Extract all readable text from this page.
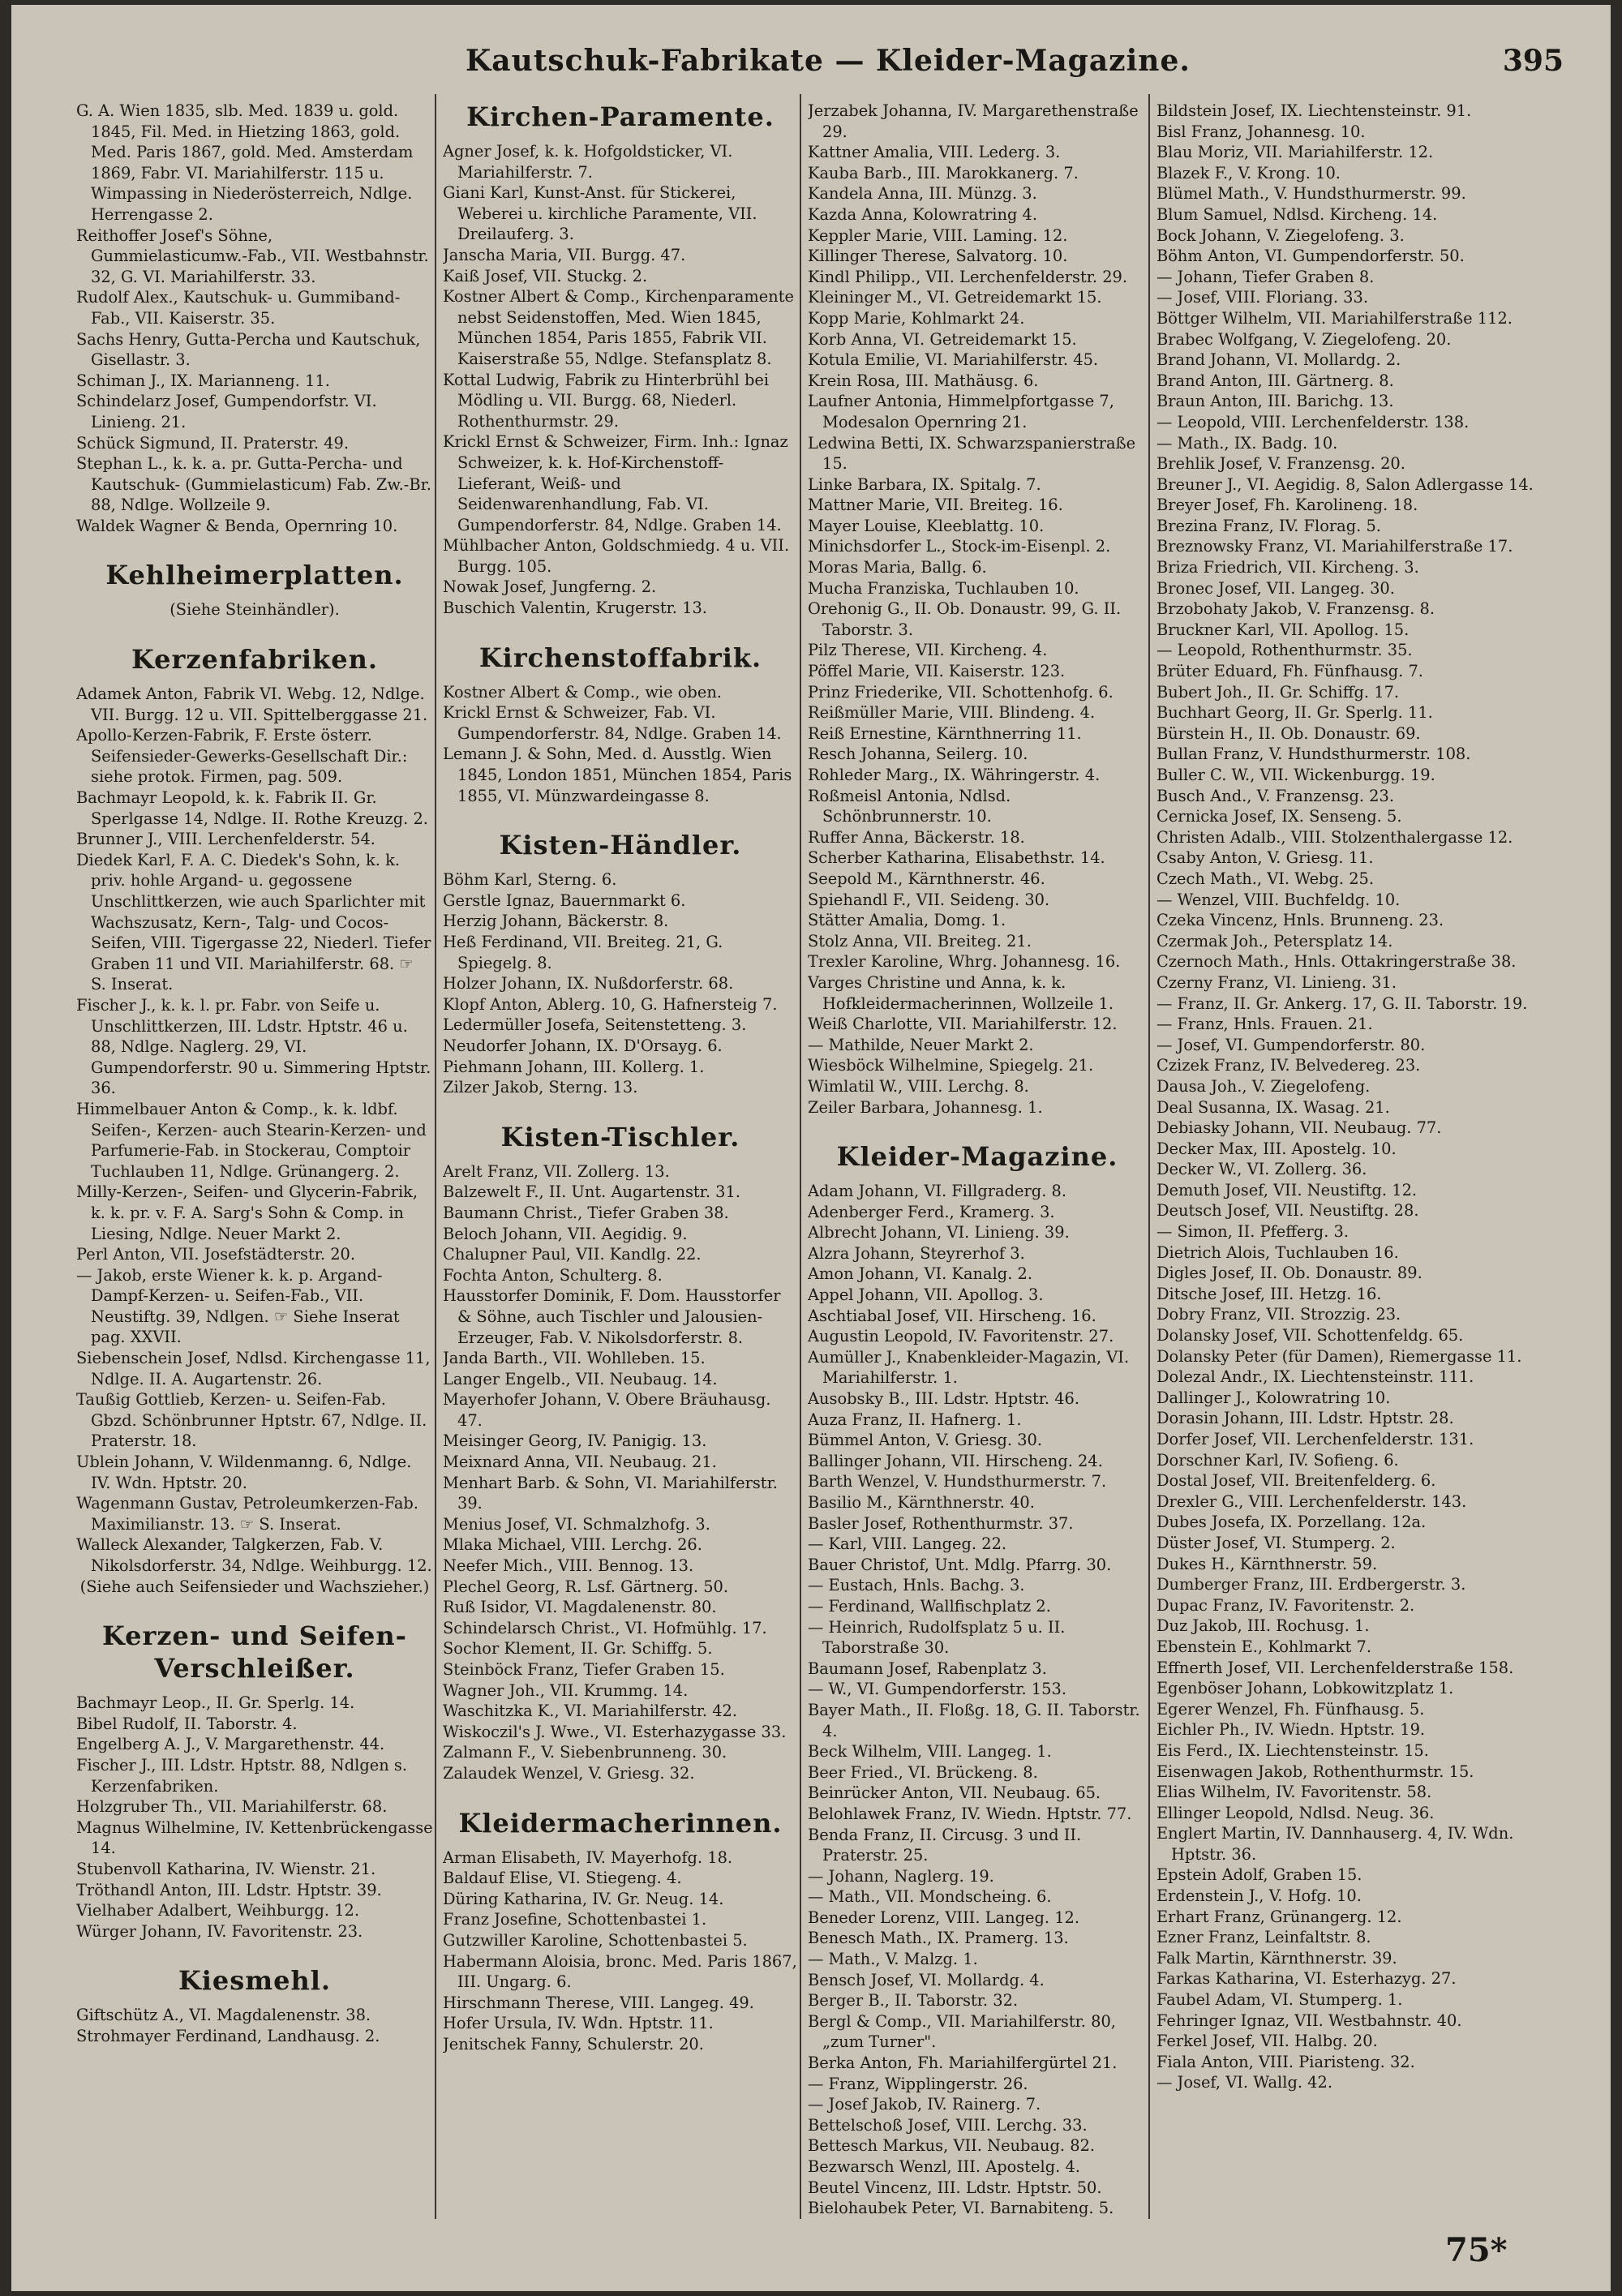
Kautschuk-Fabrikate — Kleider-Magazine.	395
G. A. Wien 1835, slb. Med. 1839 u. gold. 1845, Fil. Med. in Hietzing 1863, gold. Med. Paris 1867, gold. Med. Amsterdam 1869, Fabr. VI. Mariahilferstr. 115 u. Wimpassing in Niederösterreich, Ndlge. Herrengasse 2.
Reithoffer Josef's Söhne, Gummielasticumw.-Fab., VII. Westbahnstr. 32, G. VI. Mariahilferstr. 33.
Rudolf Alex., Kautschuk- u. Gummiband-Fab., VII. Kaiserstr. 35.
Sachs Henry, Gutta-Percha und Kautschuk, Gisellastr. 3.
Schiman J., IX. Marianneng. 11.
Schindelarz Josef, Gumpendorfstr. VI. Linieng. 21.
Schück Sigmund, II. Praterstr. 49.
Stephan L., k. k. a. pr. Gutta-Percha- und Kautschuk- (Gummielasticum) Fab. Zw.-Br. 88, Ndlge. Wollzeile 9.
Waldek Wagner & Benda, Opernring 10.
Kehlheimerplatten.
(Siehe Steinhändler).
Kerzenfabriken.
Adamek Anton, Fabrik VI. Webg. 12, Ndlge. VII. Burgg. 12 u. VII. Spittelberggasse 21.
Apollo-Kerzen-Fabrik, F. Erste österr. Seifensieder-Gewerks-Gesellschaft Dir.: siehe protok. Firmen, pag. 509.
Bachmayr Leopold, k. k. Fabrik II. Gr. Sperlgasse 14, Ndlge. II. Rothe Kreuzg. 2.
Brunner J., VIII. Lerchenfelderstr. 54.
Diedek Karl, F. A. C. Diedek's Sohn, k. k. priv. hohle Argand- u. gegossene Unschlittkerzen, wie auch Sparlichter mit Wachszusatz, Kern-, Talg- und Cocos-Seifen, VIII. Tigergasse 22, Niederl. Tiefer Graben 11 und VII. Mariahilferstr. 68. ☞ S. Inserat.
Fischer J., k. k. l. pr. Fabr. von Seife u. Unschlittkerzen, III. Ldstr. Hptstr. 46 u. 88, Ndlge. Naglerg. 29, VI. Gumpendorferstr. 90 u. Simmering Hptstr. 36.
Himmelbauer Anton & Comp., k. k. ldbf. Seifen-, Kerzen- auch Stearin-Kerzen- und Parfumerie-Fab. in Stockerau, Comptoir Tuchlauben 11, Ndlge. Grünangerg. 2.
Milly-Kerzen-, Seifen- und Glycerin-Fabrik, k. k. pr. v. F. A. Sarg's Sohn & Comp. in Liesing, Ndlge. Neuer Markt 2.
Perl Anton, VII. Josefstädterstr. 20.
— Jakob, erste Wiener k. k. p. Argand-Dampf-Kerzen- u. Seifen-Fab., VII. Neustiftg. 39, Ndlgen. ☞ Siehe Inserat pag. XXVII.
Siebenschein Josef, Ndlsd. Kirchengasse 11, Ndlge. II. A. Augartenstr. 26.
Taußig Gottlieb, Kerzen- u. Seifen-Fab. Gbzd. Schönbrunner Hptstr. 67, Ndlge. II. Praterstr. 18.
Ublein Johann, V. Wildenmanng. 6, Ndlge. IV. Wdn. Hptstr. 20.
Wagenmann Gustav, Petroleumkerzen-Fab. Maximilianstr. 13. ☞ S. Inserat.
Walleck Alexander, Talgkerzen, Fab. V. Nikolsdorferstr. 34, Ndlge. Weihburgg. 12.
(Siehe auch Seifensieder und Wachszieher.)
Kerzen- und Seifen-Verschleißer.
Bachmayr Leop., II. Gr. Sperlg. 14.
Bibel Rudolf, II. Taborstr. 4.
Engelberg A. J., V. Margarethenstr. 44.
Fischer J., III. Ldstr. Hptstr. 88, Ndlgen s. Kerzenfabriken.
Holzgruber Th., VII. Mariahilferstr. 68.
Magnus Wilhelmine, IV. Kettenbrückengasse 14.
Stubenvoll Katharina, IV. Wienstr. 21.
Tröthandl Anton, III. Ldstr. Hptstr. 39.
Vielhaber Adalbert, Weihburgg. 12.
Würger Johann, IV. Favoritenstr. 23.
Kiesmehl.
Giftschütz A., VI. Magdalenenstr. 38.
Strohmayer Ferdinand, Landhausg. 2.
Kirchen-Paramente.
Agner Josef, k. k. Hofgoldsticker, VI. Mariahilferstr. 7.
Giani Karl, Kunst-Anst. für Stickerei, Weberei u. kirchliche Paramente, VII. Dreilauferg. 3.
Janscha Maria, VII. Burgg. 47.
Kaiß Josef, VII. Stuckg. 2.
Kostner Albert & Comp., Kirchenparamente nebst Seidenstoffen, Med. Wien 1845, München 1854, Paris 1855, Fabrik VII. Kaiserstraße 55, Ndlge. Stefansplatz 8.
Kottal Ludwig, Fabrik zu Hinterbrühl bei Mödling u. VII. Burgg. 68, Niederl. Rothenthurmstr. 29.
Krickl Ernst & Schweizer, Firm. Inh.: Ignaz Schweizer, k. k. Hof-Kirchenstoff-Lieferant, Weiß- und Seidenwarenhandlung, Fab. VI. Gumpendorferstr. 84, Ndlge. Graben 14.
Mühlbacher Anton, Goldschmiedg. 4 u. VII. Burgg. 105.
Nowak Josef, Jungferng. 2.
Buschich Valentin, Krugerstr. 13.
Kirchenstoffabrik.
Kostner Albert & Comp., wie oben.
Krickl Ernst & Schweizer, Fab. VI. Gumpendorferstr. 84, Ndlge. Graben 14.
Lemann J. & Sohn, Med. d. Ausstlg. Wien 1845, London 1851, München 1854, Paris 1855, VI. Münzwardeingasse 8.
Kisten-Händler.
Böhm Karl, Sterng. 6.
Gerstle Ignaz, Bauernmarkt 6.
Herzig Johann, Bäckerstr. 8.
Heß Ferdinand, VII. Breiteg. 21, G. Spiegelg. 8.
Holzer Johann, IX. Nußdorferstr. 68.
Klopf Anton, Ablerg. 10, G. Hafnersteig 7.
Ledermüller Josefa, Seitenstetteng. 3.
Neudorfer Johann, IX. D'Orsayg. 6.
Piehmann Johann, III. Kollerg. 1.
Zilzer Jakob, Sterng. 13.
Kisten-Tischler.
Arelt Franz, VII. Zollerg. 13.
Balzewelt F., II. Unt. Augartenstr. 31.
Baumann Christ., Tiefer Graben 38.
Beloch Johann, VII. Aegidig. 9.
Chalupner Paul, VII. Kandlg. 22.
Fochta Anton, Schulterg. 8.
Hausstorfer Dominik, F. Dom. Hausstorfer & Söhne, auch Tischler und Jalousien-Erzeuger, Fab. V. Nikolsdorferstr. 8.
Janda Barth., VII. Wohlleben. 15.
Langer Engelb., VII. Neubaug. 14.
Mayerhofer Johann, V. Obere Bräuhausg. 47.
Meisinger Georg, IV. Panigig. 13.
Meixnard Anna, VII. Neubaug. 21.
Menhart Barb. & Sohn, VI. Mariahilferstr. 39.
Menius Josef, VI. Schmalzhofg. 3.
Mlaka Michael, VIII. Lerchg. 26.
Neefer Mich., VIII. Bennog. 13.
Plechel Georg, R. Lsf. Gärtnerg. 50.
Ruß Isidor, VI. Magdalenenstr. 80.
Schindelarsch Christ., VI. Hofmühlg. 17.
Sochor Klement, II. Gr. Schiffg. 5.
Steinböck Franz, Tiefer Graben 15.
Wagner Joh., VII. Krummg. 14.
Waschitzka K., VI. Mariahilferstr. 42.
Wiskoczil's J. Wwe., VI. Esterhazygasse 33.
Zalmann F., V. Siebenbrunneng. 30.
Zalaudek Wenzel, V. Griesg. 32.
Kleidermacherinnen.
Arman Elisabeth, IV. Mayerhofg. 18.
Baldauf Elise, VI. Stiegeng. 4.
Düring Katharina, IV. Gr. Neug. 14.
Franz Josefine, Schottenbastei 1.
Gutzwiller Karoline, Schottenbastei 5.
Habermann Aloisia, bronc. Med. Paris 1867, III. Ungarg. 6.
Hirschmann Therese, VIII. Langeg. 49.
Hofer Ursula, IV. Wdn. Hptstr. 11.
Jenitschek Fanny, Schulerstr. 20.
Jerzabek Johanna, IV. Margarethenstraße 29.
Kattner Amalia, VIII. Lederg. 3.
Kauba Barb., III. Marokkanerg. 7.
Kandela Anna, III. Münzg. 3.
Kazda Anna, Kolowratring 4.
Keppler Marie, VIII. Laming. 12.
Killinger Therese, Salvatorg. 10.
Kindl Philipp., VII. Lerchenfelderstr. 29.
Kleininger M., VI. Getreidemarkt 15.
Kopp Marie, Kohlmarkt 24.
Korb Anna, VI. Getreidemarkt 15.
Kotula Emilie, VI. Mariahilferstr. 45.
Krein Rosa, III. Mathäusg. 6.
Laufner Antonia, Himmelpfortgasse 7, Modesalon Opernring 21.
Ledwina Betti, IX. Schwarzspanierstraße 15.
Linke Barbara, IX. Spitalg. 7.
Mattner Marie, VII. Breiteg. 16.
Mayer Louise, Kleeblattg. 10.
Minichsdorfer L., Stock-im-Eisenpl. 2.
Moras Maria, Ballg. 6.
Mucha Franziska, Tuchlauben 10.
Orehonig G., II. Ob. Donaustr. 99, G. II. Taborstr. 3.
Pilz Therese, VII. Kircheng. 4.
Pöffel Marie, VII. Kaiserstr. 123.
Prinz Friederike, VII. Schottenhofg. 6.
Reißmüller Marie, VIII. Blindeng. 4.
Reiß Ernestine, Kärnthnerring 11.
Resch Johanna, Seilerg. 10.
Rohleder Marg., IX. Währingerstr. 4.
Roßmeisl Antonia, Ndlsd. Schönbrunnerstr. 10.
Ruffer Anna, Bäckerstr. 18.
Scherber Katharina, Elisabethstr. 14.
Seepold M., Kärnthnerstr. 46.
Spiehandl F., VII. Seideng. 30.
Stätter Amalia, Domg. 1.
Stolz Anna, VII. Breiteg. 21.
Trexler Karoline, Whrg. Johannesg. 16.
Varges Christine und Anna, k. k. Hofkleidermacherinnen, Wollzeile 1.
Weiß Charlotte, VII. Mariahilferstr. 12.
— Mathilde, Neuer Markt 2.
Wiesböck Wilhelmine, Spiegelg. 21.
Wimlatil W., VIII. Lerchg. 8.
Zeiler Barbara, Johannesg. 1.
Kleider-Magazine.
Adam Johann, VI. Fillgraderg. 8.
Adenberger Ferd., Kramerg. 3.
Albrecht Johann, VI. Linieng. 39.
Alzra Johann, Steyrerhof 3.
Amon Johann, VI. Kanalg. 2.
Appel Johann, VII. Apollog. 3.
Aschtiabal Josef, VII. Hirscheng. 16.
Augustin Leopold, IV. Favoritenstr. 27.
Aumüller J., Knabenkleider-Magazin, VI. Mariahilferstr. 1.
Ausobsky B., III. Ldstr. Hptstr. 46.
Auza Franz, II. Hafnerg. 1.
Bümmel Anton, V. Griesg. 30.
Ballinger Johann, VII. Hirscheng. 24.
Barth Wenzel, V. Hundsthurmerstr. 7.
Basilio M., Kärnthnerstr. 40.
Basler Josef, Rothenthurmstr. 37.
— Karl, VIII. Langeg. 22.
Bauer Christof, Unt. Mdlg. Pfarrg. 30.
— Eustach, Hnls. Bachg. 3.
— Ferdinand, Wallfischplatz 2.
— Heinrich, Rudolfsplatz 5 u. II. Taborstraße 30.
Baumann Josef, Rabenplatz 3.
— W., VI. Gumpendorferstr. 153.
Bayer Math., II. Floßg. 18, G. II. Taborstr. 4.
Beck Wilhelm, VIII. Langeg. 1.
Beer Fried., VI. Brückeng. 8.
Beinrücker Anton, VII. Neubaug. 65.
Belohlawek Franz, IV. Wiedn. Hptstr. 77.
Benda Franz, II. Circusg. 3 und II. Praterstr. 25.
— Johann, Naglerg. 19.
— Math., VII. Mondscheing. 6.
Beneder Lorenz, VIII. Langeg. 12.
Benesch Math., IX. Pramerg. 13.
— Math., V. Malzg. 1.
Bensch Josef, VI. Mollardg. 4.
Berger B., II. Taborstr. 32.
Bergl & Comp., VII. Mariahilferstr. 80, „zum Turner".
Berka Anton, Fh. Mariahilfergürtel 21.
— Franz, Wipplingerstr. 26.
— Josef Jakob, IV. Rainerg. 7.
Bettelschoß Josef, VIII. Lerchg. 33.
Bettesch Markus, VII. Neubaug. 82.
Bezwarsch Wenzl, III. Apostelg. 4.
Beutel Vincenz, III. Ldstr. Hptstr. 50.
Bielohaubek Peter, VI. Barnabiteng. 5.
Bildstein Josef, IX. Liechtensteinstr. 91.
Bisl Franz, Johannesg. 10.
Blau Moriz, VII. Mariahilferstr. 12.
Blazek F., V. Krong. 10.
Blümel Math., V. Hundsthurmerstr. 99.
Blum Samuel, Ndlsd. Kircheng. 14.
Bock Johann, V. Ziegelofeng. 3.
Böhm Anton, VI. Gumpendorferstr. 50.
— Johann, Tiefer Graben 8.
— Josef, VIII. Floriang. 33.
Böttger Wilhelm, VII. Mariahilferstraße 112.
Brabec Wolfgang, V. Ziegelofeng. 20.
Brand Johann, VI. Mollardg. 2.
Brand Anton, III. Gärtnerg. 8.
Braun Anton, III. Barichg. 13.
— Leopold, VIII. Lerchenfelderstr. 138.
— Math., IX. Badg. 10.
Brehlik Josef, V. Franzensg. 20.
Breuner J., VI. Aegidig. 8, Salon Adlergasse 14.
Breyer Josef, Fh. Karolineng. 18.
Brezina Franz, IV. Florag. 5.
Breznowsky Franz, VI. Mariahilferstraße 17.
Briza Friedrich, VII. Kircheng. 3.
Bronec Josef, VII. Langeg. 30.
Brzobohaty Jakob, V. Franzensg. 8.
Bruckner Karl, VII. Apollog. 15.
— Leopold, Rothenthurmstr. 35.
Brüter Eduard, Fh. Fünfhausg. 7.
Bubert Joh., II. Gr. Schiffg. 17.
Buchhart Georg, II. Gr. Sperlg. 11.
Bürstein H., II. Ob. Donaustr. 69.
Bullan Franz, V. Hundsthurmerstr. 108.
Buller C. W., VII. Wickenburgg. 19.
Busch And., V. Franzensg. 23.
Cernicka Josef, IX. Senseng. 5.
Christen Adalb., VIII. Stolzenthalergasse 12.
Csaby Anton, V. Griesg. 11.
Czech Math., VI. Webg. 25.
— Wenzel, VIII. Buchfeldg. 10.
Czeka Vincenz, Hnls. Brunneng. 23.
Czermak Joh., Petersplatz 14.
Czernoch Math., Hnls. Ottakringerstraße 38.
Czerny Franz, VI. Linieng. 31.
— Franz, II. Gr. Ankerg. 17, G. II. Taborstr. 19.
— Franz, Hnls. Frauen. 21.
— Josef, VI. Gumpendorferstr. 80.
Czizek Franz, IV. Belvedereg. 23.
Dausa Joh., V. Ziegelofeng.
Deal Susanna, IX. Wasag. 21.
Debiasky Johann, VII. Neubaug. 77.
Decker Max, III. Apostelg. 10.
Decker W., VI. Zollerg. 36.
Demuth Josef, VII. Neustiftg. 12.
Deutsch Josef, VII. Neustiftg. 28.
— Simon, II. Pfefferg. 3.
Dietrich Alois, Tuchlauben 16.
Digles Josef, II. Ob. Donaustr. 89.
Ditsche Josef, III. Hetzg. 16.
Dobry Franz, VII. Strozzig. 23.
Dolansky Josef, VII. Schottenfeldg. 65.
Dolansky Peter (für Damen), Riemergasse 11.
Dolezal Andr., IX. Liechtensteinstr. 111.
Dallinger J., Kolowratring 10.
Dorasin Johann, III. Ldstr. Hptstr. 28.
Dorfer Josef, VII. Lerchenfelderstr. 131.
Dorschner Karl, IV. Sofieng. 6.
Dostal Josef, VII. Breitenfelderg. 6.
Drexler G., VIII. Lerchenfelderstr. 143.
Dubes Josefa, IX. Porzellang. 12a.
Düster Josef, VI. Stumperg. 2.
Dukes H., Kärnthnerstr. 59.
Dumberger Franz, III. Erdbergerstr. 3.
Dupac Franz, IV. Favoritenstr. 2.
Duz Jakob, III. Rochusg. 1.
Ebenstein E., Kohlmarkt 7.
Effnerth Josef, VII. Lerchenfelderstraße 158.
Egenböser Johann, Lobkowitzplatz 1.
Egerer Wenzel, Fh. Fünfhausg. 5.
Eichler Ph., IV. Wiedn. Hptstr. 19.
Eis Ferd., IX. Liechtensteinstr. 15.
Eisenwagen Jakob, Rothenthurmstr. 15.
Elias Wilhelm, IV. Favoritenstr. 58.
Ellinger Leopold, Ndlsd. Neug. 36.
Englert Martin, IV. Dannhauserg. 4, IV. Wdn. Hptstr. 36.
Epstein Adolf, Graben 15.
Erdenstein J., V. Hofg. 10.
Erhart Franz, Grünangerg. 12.
Ezner Franz, Leinfaltstr. 8.
Falk Martin, Kärnthnerstr. 39.
Farkas Katharina, VI. Esterhazyg. 27.
Faubel Adam, VI. Stumperg. 1.
Fehringer Ignaz, VII. Westbahnstr. 40.
Ferkel Josef, VII. Halbg. 20.
Fiala Anton, VIII. Piaristeng. 32.
— Josef, VI. Wallg. 42.
75*
